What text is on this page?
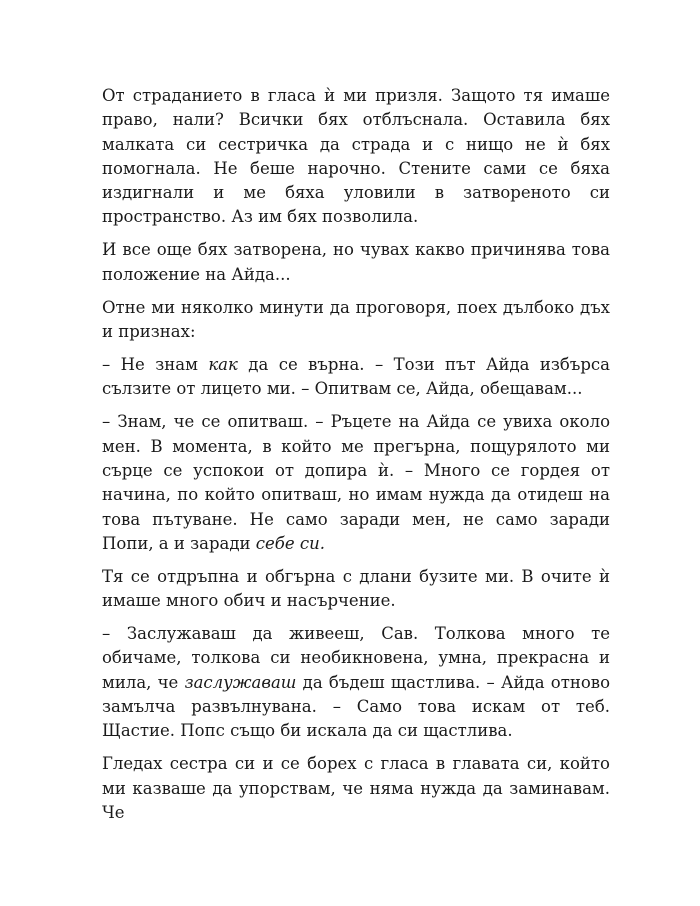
От страданието в гласа ѝ ми призля. Защото тя имаше право, нали? Всички бях отблъснала. Оставила бях малката си сестричка да страда и с нищо не ѝ бях помогнала. Не беше нарочно. Стените сами се бяха издигнали и ме бяха уловили в затвореното си пространство. Аз им бях позволила.

И все още бях затворена, но чувах какво причинява това положение на Айда...

Отне ми няколко минути да проговоря, поех дълбоко дъх и признах:

– Не знам как да се върна. – Този път Айда избърса сълзите от лицето ми. – Опитвам се, Айда, обещавам...

– Знам, че се опитваш. – Ръцете на Айда се увиха около мен. В момента, в който ме прегърна, пощурялото ми сърце се успокои от допира ѝ. – Много се гордея от начина, по който опитваш, но имам нужда да отидеш на това пътуване. Не само заради мен, не само заради Попи, а и заради себе си.

Тя се отдръпна и обгърна с длани бузите ми. В очите ѝ имаше много обич и насърчение.

– Заслужаваш да живееш, Сав. Толкова много те обичаме, толкова си необикновена, умна, прекрасна и мила, че заслужаваш да бъдеш щастлива. – Айда отново замълча развълнувана. – Само това искам от теб. Щастие. Попс също би искала да си щастлива.

Гледах сестра си и се борех с гласа в главата си, който ми казваше да упорствам, че няма нужда да заминавам. Че
